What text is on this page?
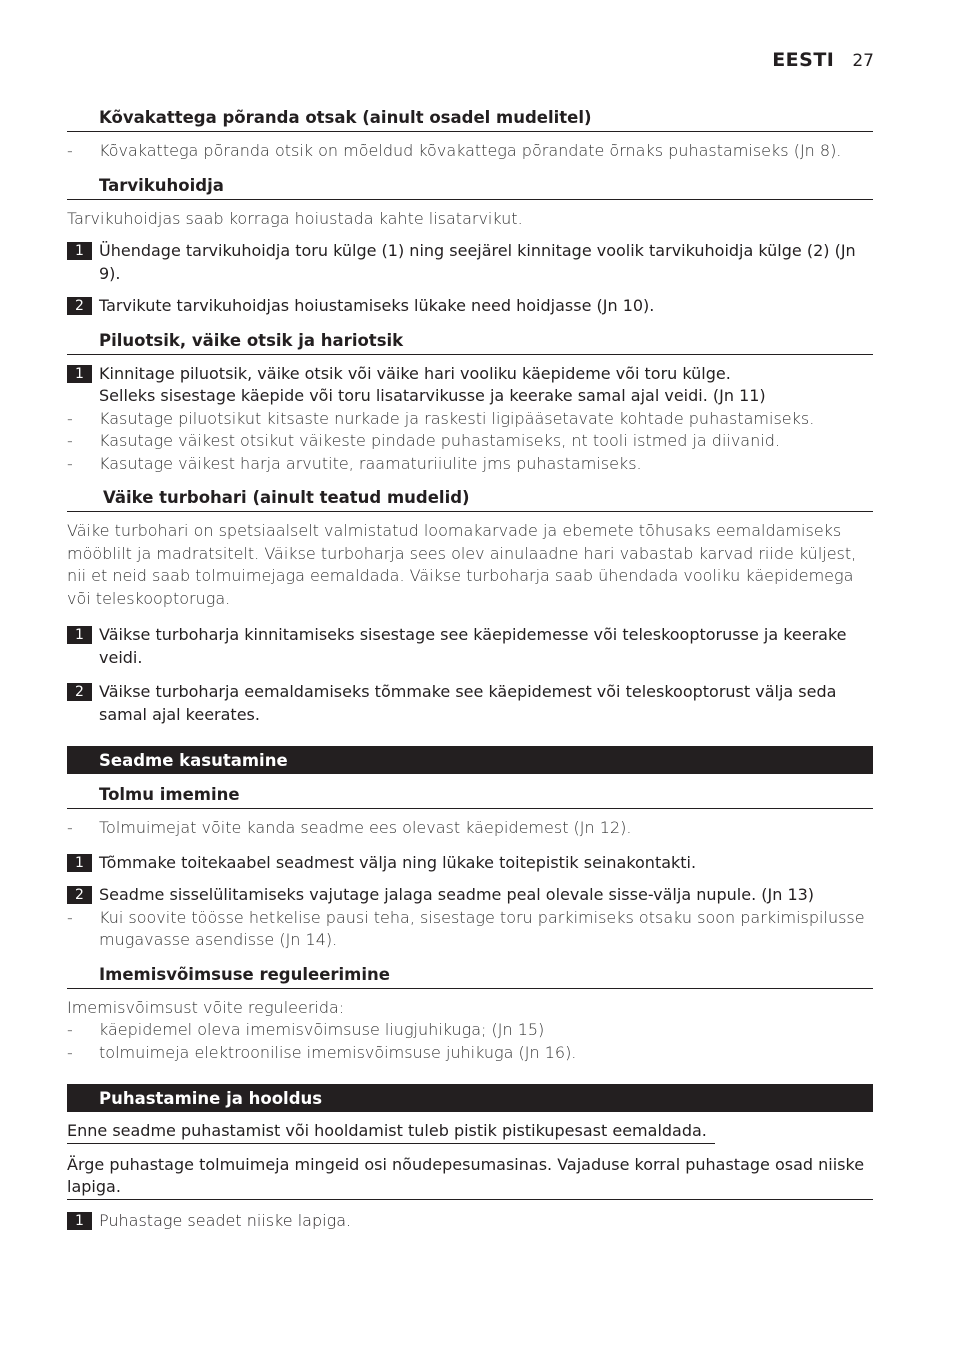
EESTI 27
Kõvakattega põranda otsak (ainult osadel mudelitel)
-	Kõvakattega põranda otsik on mõeldud kõvakattega põrandate õrnaks puhastamiseks (Jn 8).
Tarvikuhoidja
Tarvikuhoidjas saab korraga hoiustada kahte lisatarvikut.
1 Ühendage tarvikuhoidja toru külge (1) ning seejärel kinnitage voolik tarvikuhoidja külge (2) (Jn 9).
2 Tarvikute tarvikuhoidjas hoiustamiseks lükake need hoidjasse (Jn 10).
Piluotsik, väike otsik ja hariotsik
1 Kinnitage piluotsik, väike otsik või väike hari vooliku käepideme või toru külge.
Selleks sisestage käepide või toru lisatarvikusse ja keerake samal ajal veidi. (Jn 11)
-	Kasutage piluotsikut kitsaste nurkade ja raskesti ligipääsetavate kohtade puhastamiseks.
-	Kasutage väikest otsikut väikeste pindade puhastamiseks, nt tooli istmed ja diivanid.
-	Kasutage väikest harja arvutite, raamaturiiulite jms puhastamiseks.
Väike turbohari (ainult teatud mudelid)
Väike turbohari on spetsiaalselt valmistatud loomakarvade ja ebemete tõhusaks eemaldamiseks mööblilt ja madratsitelt. Väikse turboharja sees olev ainulaadne hari vabastab karvad riide küljest, nii et neid saab tolmuimejaga eemaldada. Väikse turboharja saab ühendada vooliku käepidemega või teleskooptoruga.
1 Väikse turboharja kinnitamiseks sisestage see käepidemesse või teleskooptorusse ja keerake veidi.
2 Väikse turboharja eemaldamiseks tõmmake see käepidemest või teleskooptorust välja seda samal ajal keerates.
Seadme kasutamine
Tolmu imemine
-	Tolmuimejat võite kanda seadme ees olevast käepidemest (Jn 12).
1 Tõmmake toitekaabel seadmest välja ning lükake toitepistik seinakontakti.
2 Seadme sisselülitamiseks vajutage jalaga seadme peal olevale sisse-välja nupule. (Jn 13)
-	Kui soovite töösse hetkelise pausi teha, sisestage toru parkimiseks otsaku soon parkimispilusse mugavasse asendisse (Jn 14).
Imemisvõimsuse reguleerimine
Imemisvõimsust võite reguleerida:
-	käepidemel oleva imemisvõimsuse liugjuhikuga; (Jn 15)
-	tolmuimeja elektroonilise imemisvõimsuse juhikuga (Jn 16).
Puhastamine ja hooldus
Enne seadme puhastamist või hooldamist tuleb pistik pistikupesast eemaldada.
Ärge puhastage tolmuimeja mingeid osi nõudepesumasinas. Vajaduse korral puhastage osad niiske
lapiga.
1 Puhastage seadet niiske lapiga.
